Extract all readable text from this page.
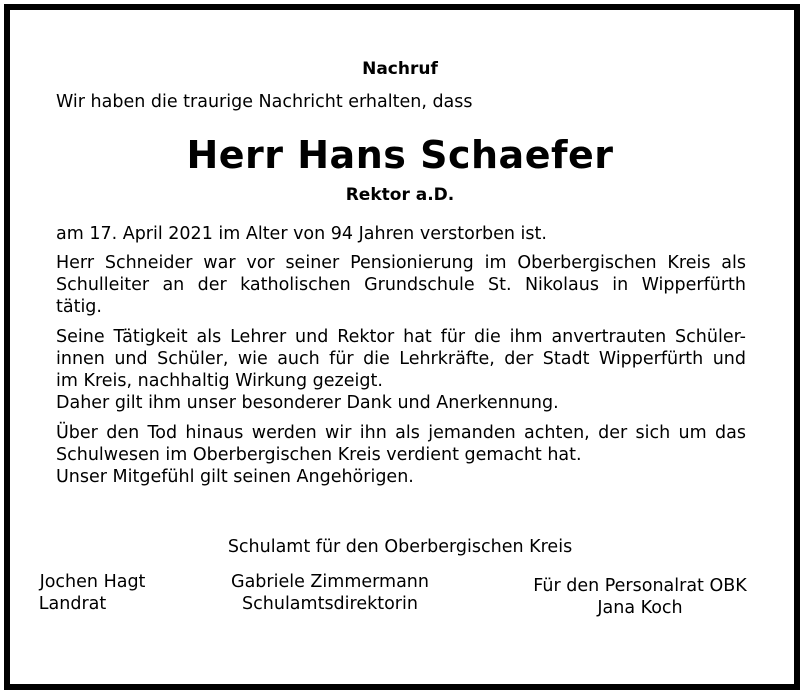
Nachruf
Wir haben die traurige Nachricht erhalten, dass
Herr Hans Schaefer
Rektor a.D.
am 17. April 2021 im Alter von 94 Jahren verstorben ist.
Herr Schneider war vor seiner Pensionierung im Oberbergischen Kreis als
Schulleiter an der katholischen Grundschule St. Nikolaus in Wipperfürth
tätig.
Seine Tätigkeit als Lehrer und Rektor hat für die ihm anvertrauten Schüler-
innen und Schüler, wie auch für die Lehrkräfte, der Stadt Wipperfürth und
im Kreis, nachhaltig Wirkung gezeigt.
Daher gilt ihm unser besonderer Dank und Anerkennung.
Über den Tod hinaus werden wir ihn als jemanden achten, der sich um das
Schulwesen im Oberbergischen Kreis verdient gemacht hat.
Unser Mitgefühl gilt seinen Angehörigen.
Schulamt für den Oberbergischen Kreis
Jochen Hagt
Landrat
Gabriele Zimmermann
Schulamtsdirektorin
Für den Personalrat OBK
Jana Koch
